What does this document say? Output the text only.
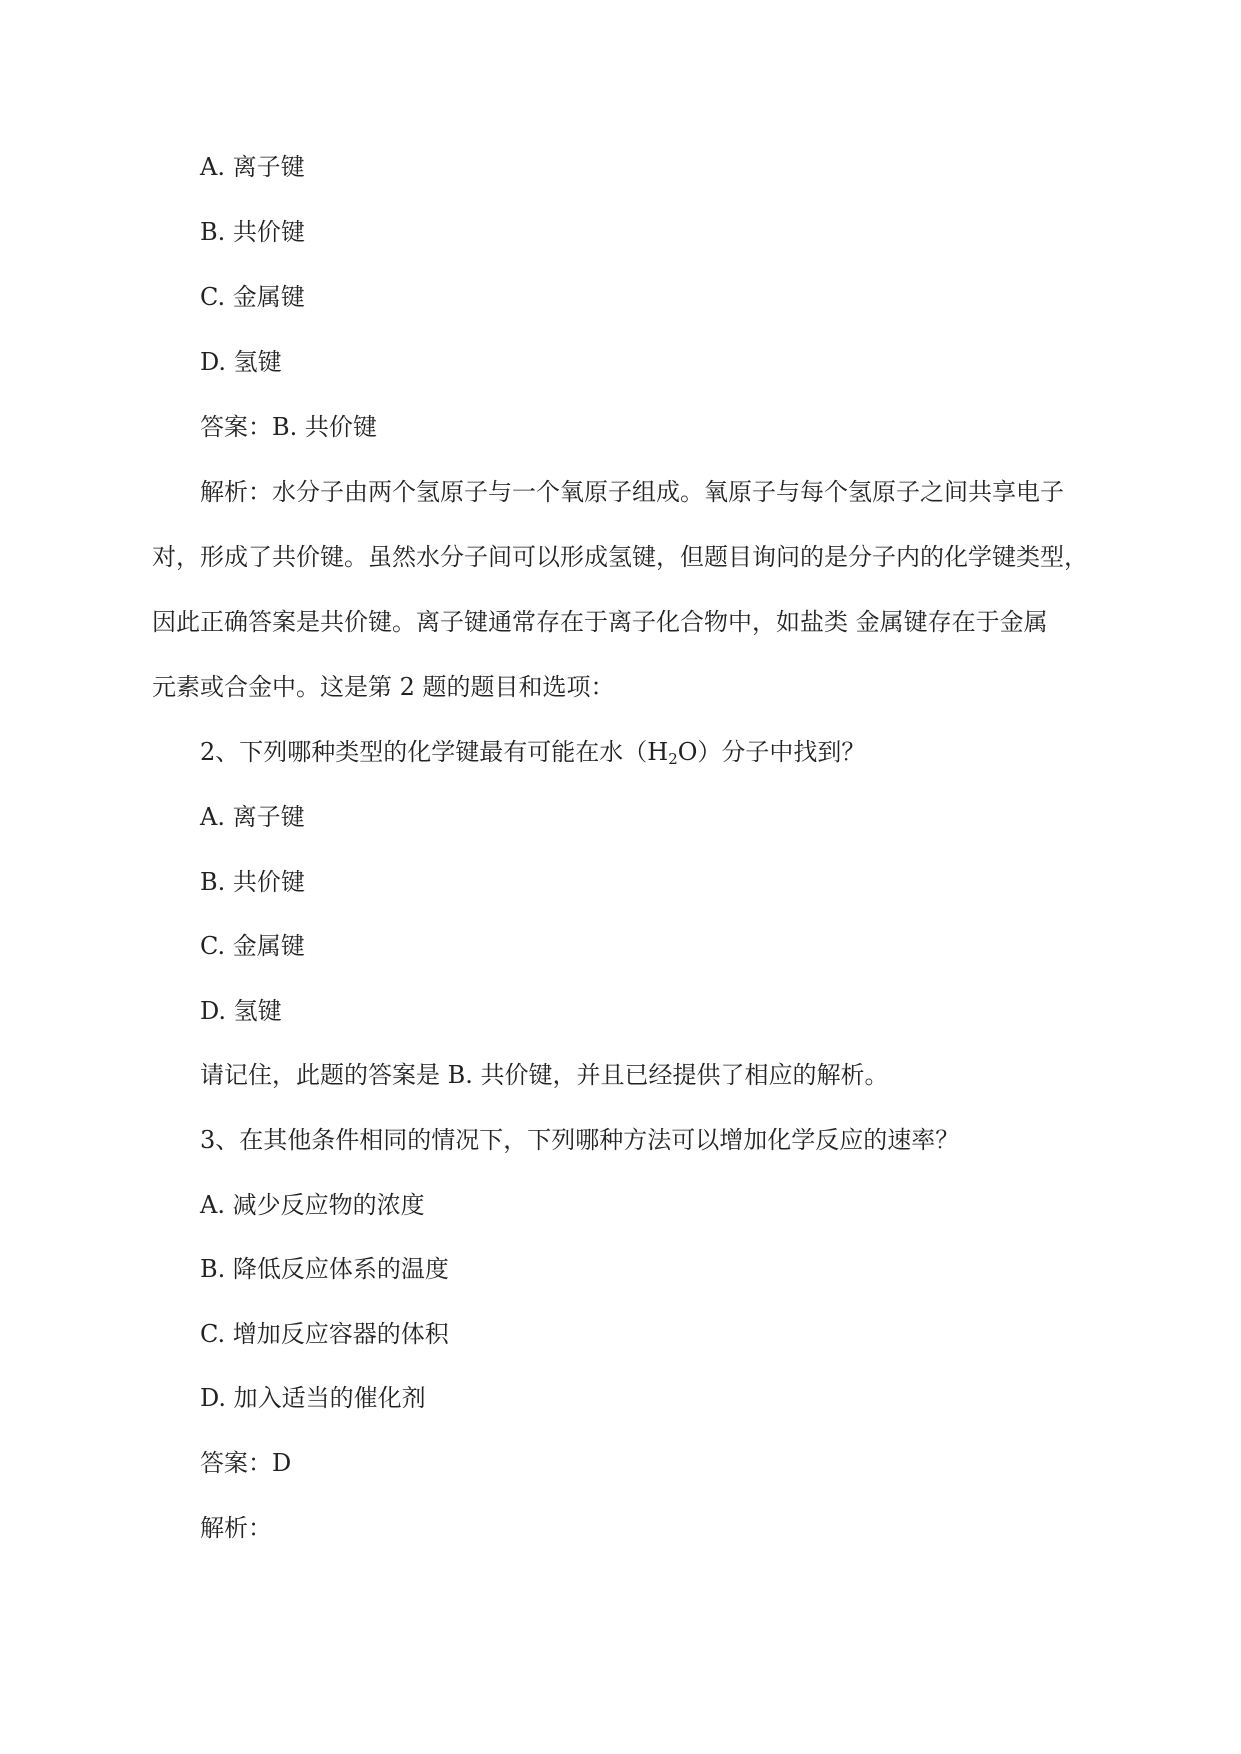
A. 离子键
B. 共价键
C. 金属键
D. 氢键
答案：B. 共价键
解析：水分子由两个氢原子与一个氧原子组成。氧原子与每个氢原子之间共享电子
对，形成了共价键。虽然水分子间可以形成氢键，但题目询问的是分子内的化学键类型，
因此正确答案是共价键。离子键通常存在于离子化合物中，如盐类 金属键存在于金属
元素或合金中。这是第 2 题的题目和选项：
2、下列哪种类型的化学键最有可能在水$(H_2O)$分子中找到？
A. 离子键
B. 共价键
C. 金属键
D. 氢键
请记住，此题的答案是 B. 共价键，并且已经提供了相应的解析。
3、在其他条件相同的情况下，下列哪种方法可以增加化学反应的速率？
A. 减少反应物的浓度
B. 降低反应体系的温度
C. 增加反应容器的体积
D. 加入适当的催化剂
答案：D
解析：
